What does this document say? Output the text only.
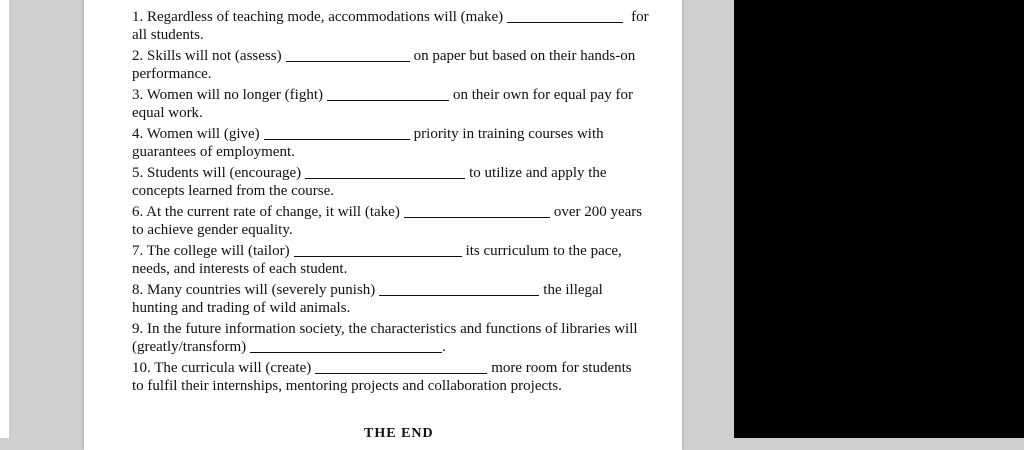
1. Regardless of teaching mode, accommodations will (make)	for
all students.
2. Skills will not (assess)	on paper but based on their hands-on
performance.
3. Women will no longer (fight)	on their own for equal pay for
equal work.
4. Women will (give)	priority in training courses with
guarantees of employment.
5. Students will (encourage)	to utilize and apply the
concepts learned from the course.
6. At the current rate of change, it will (take)	over 200 years
to achieve gender equality.
7. The college will (tailor)	its curriculum to the pace,
needs, and interests of each student.
8. Many countries will (severely punish)	the illegal
hunting and trading of wild animals.
9. In the future information society, the characteristics and functions of libraries will
(greatly/transform)	.
10. The curricula will (create)	more room for students
to fulfil their internships, mentoring projects and collaboration projects.
THE END
